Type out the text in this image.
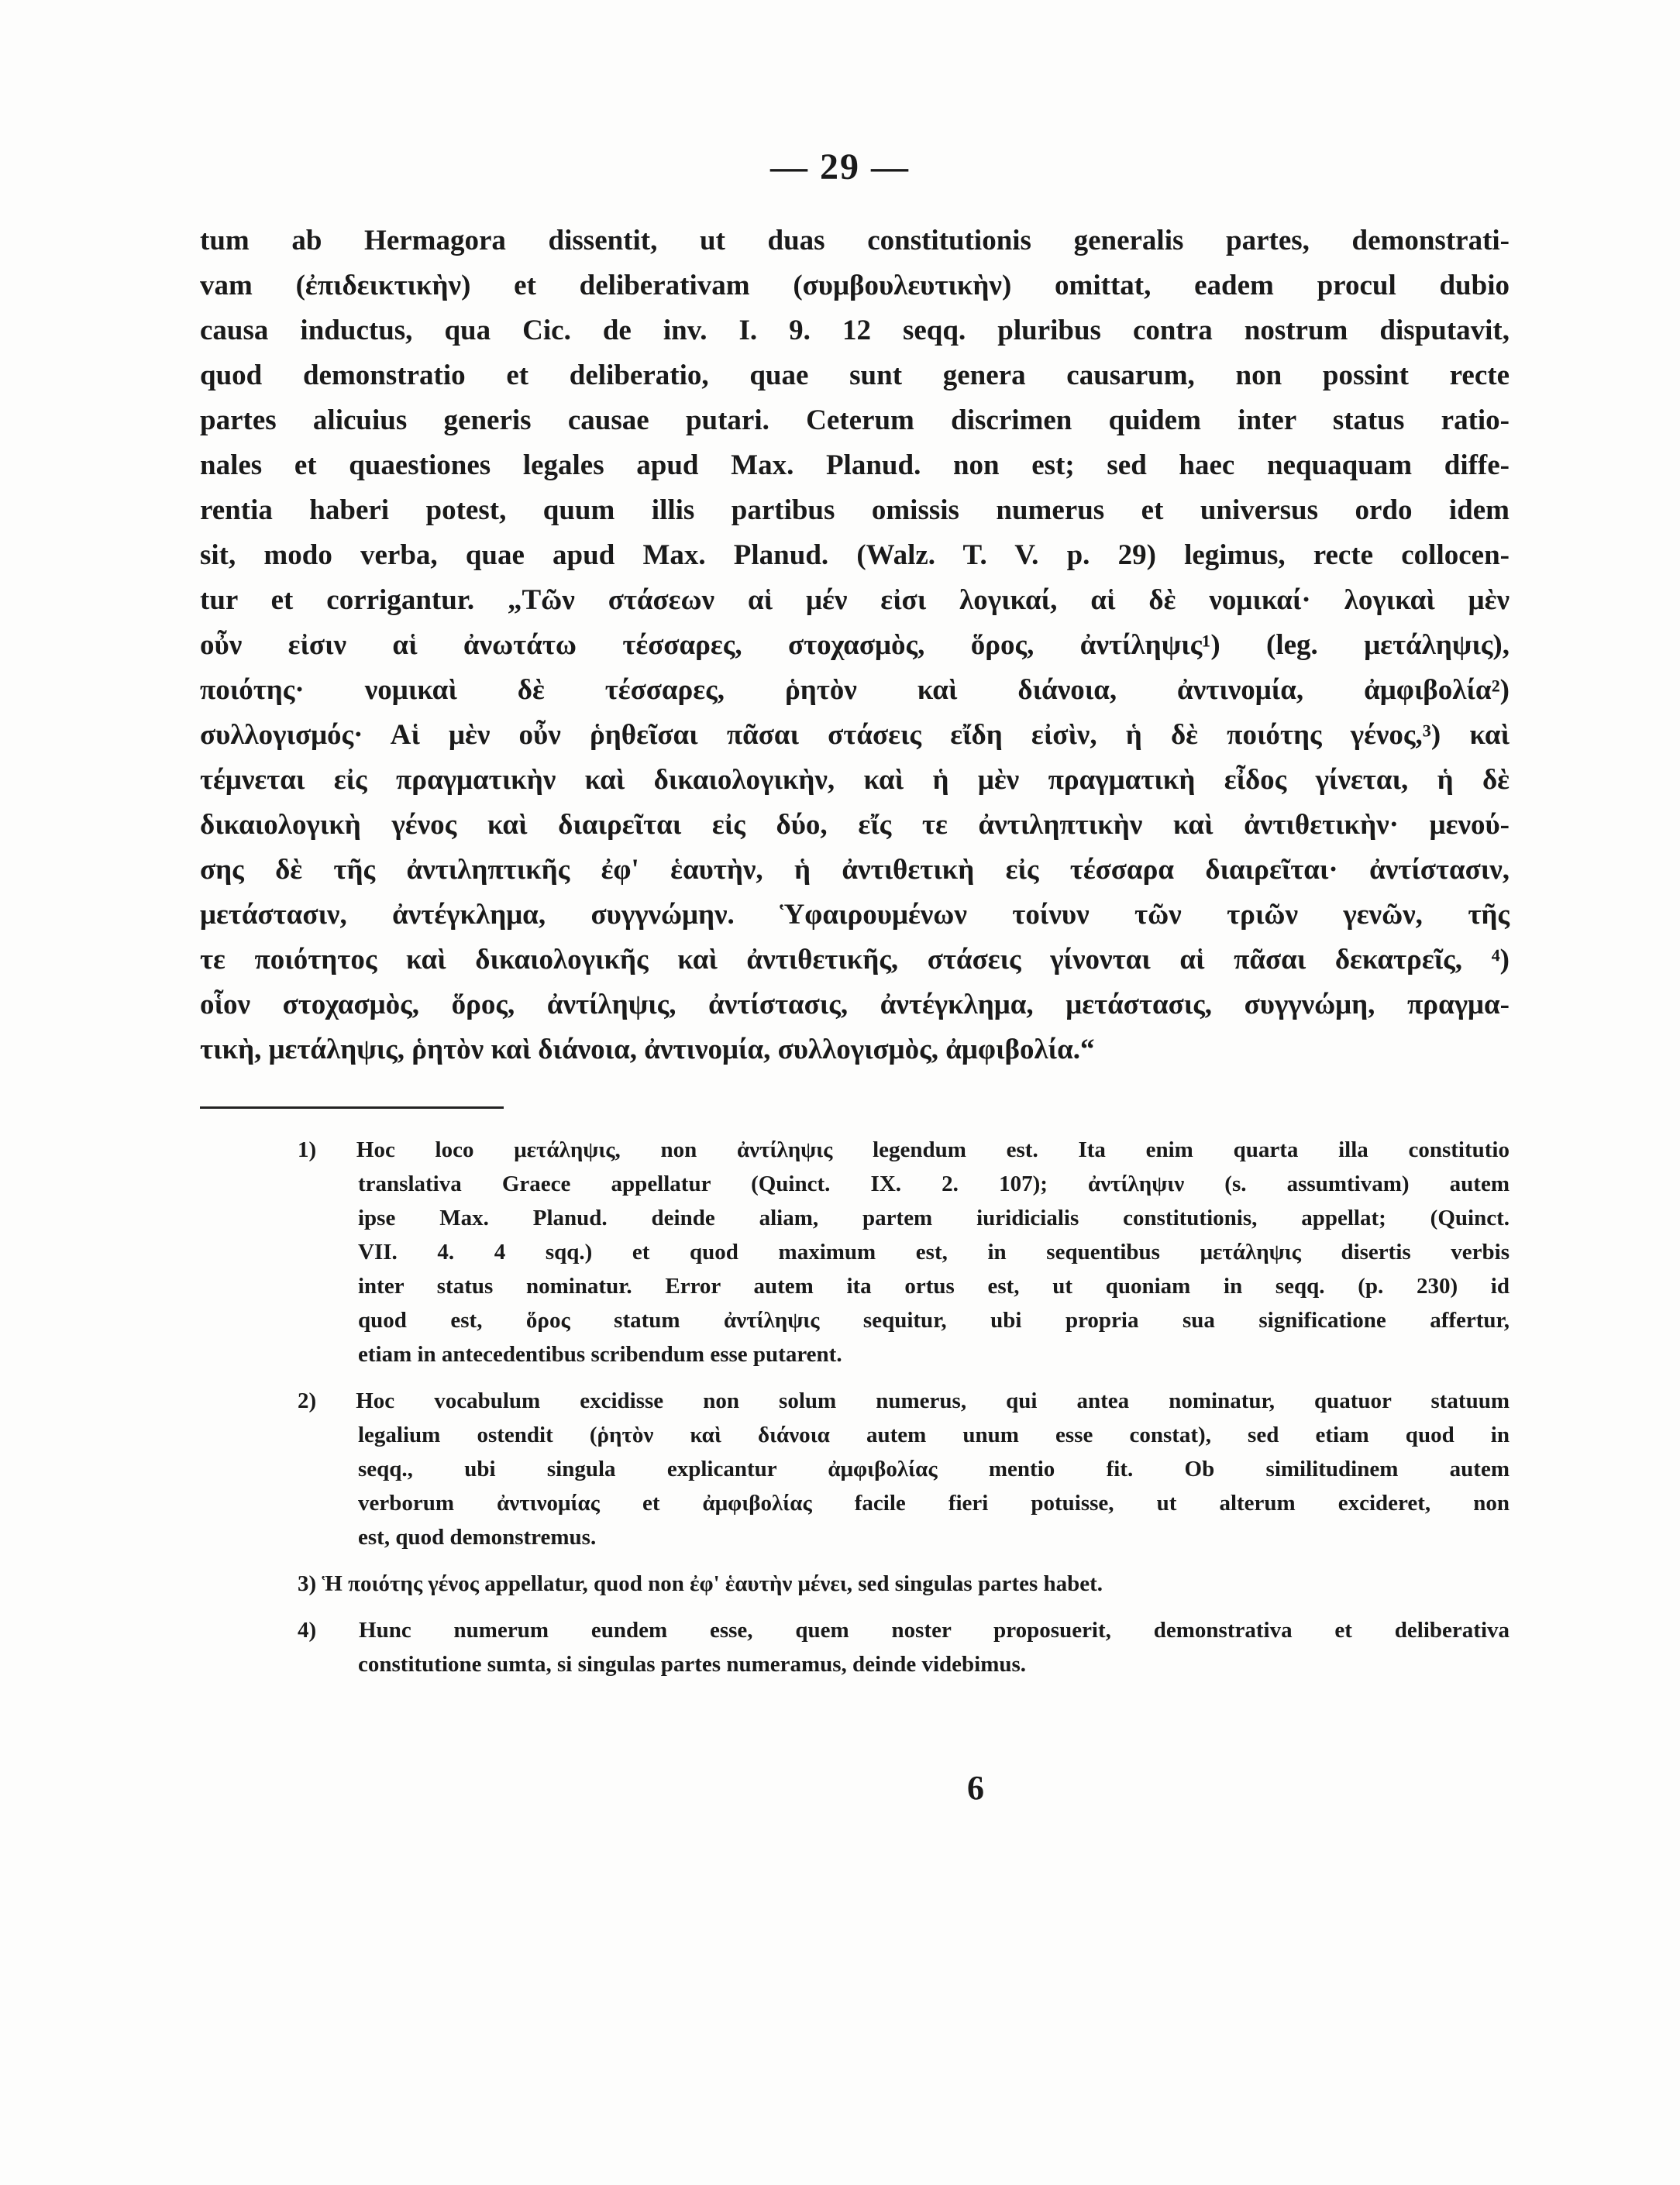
— 29 —
tum ab Hermagora dissentit, ut duas constitutionis generalis partes, demonstrati-
vam (ἐπιδεικτικὴν) et deliberativam (συμβουλευτικὴν) omittat, eadem procul dubio
causa inductus, qua Cic. de inv. I. 9. 12 seqq. pluribus contra nostrum disputavit,
quod demonstratio et deliberatio, quae sunt genera causarum, non possint recte
partes alicuius generis causae putari. Ceterum discrimen quidem inter status ratio-
nales et quaestiones legales apud Max. Planud. non est; sed haec nequaquam diffe-
rentia haberi potest, quum illis partibus omissis numerus et universus ordo idem
sit, modo verba, quae apud Max. Planud. (Walz. T. V. p. 29) legimus, recte collocen-
tur et corrigantur. „Τῶν στάσεων αἱ μέν εἰσι λογικαί, αἱ δὲ νομικαί· λογικαὶ μὲν
οὖν εἰσιν αἱ ἀνωτάτω τέσσαρες, στοχασμὸς, ὅρος, ἀντίληψις¹) (leg. μετάληψις),
ποιότης· νομικαὶ δὲ τέσσαρες, ῥητὸν καὶ διάνοια, ἀντινομία, ἀμφιβολία²)
συλλογισμός· Αἱ μὲν οὖν ῥηθεῖσαι πᾶσαι στάσεις εἴδη εἰσὶν, ἡ δὲ ποιότης γένος,³) καὶ
τέμνεται εἰς πραγματικὴν καὶ δικαιολογικὴν, καὶ ἡ μὲν πραγματικὴ εἶδος γίνεται, ἡ δὲ
δικαιολογικὴ γένος καὶ διαιρεῖται εἰς δύο, εἴς τε ἀντιληπτικὴν καὶ ἀντιθετικὴν· μενού-
σης δὲ τῆς ἀντιληπτικῆς ἐφ' ἑαυτὴν, ἡ ἀντιθετικὴ εἰς τέσσαρα διαιρεῖται· ἀντίστασιν,
μετάστασιν, ἀντέγκλημα, συγγνώμην. Ὑφαιρουμένων τοίνυν τῶν τριῶν γενῶν, τῆς
τε ποιότητος καὶ δικαιολογικῆς καὶ ἀντιθετικῆς, στάσεις γίνονται αἱ πᾶσαι δεκατρεῖς, ⁴)
οἷον στοχασμὸς, ὅρος, ἀντίληψις, ἀντίστασις, ἀντέγκλημα, μετάστασις, συγγνώμη, πραγμα-
τικὴ, μετάληψις, ῥητὸν καὶ διάνοια, ἀντινομία, συλλογισμὸς, ἀμφιβολία.“
1) Hoc loco μετάληψις, non ἀντίληψις legendum est. Ita enim quarta illa constitutio
translativa Graece appellatur (Quinct. IX. 2. 107); ἀντίληψιν (s. assumtivam) autem
ipse Max. Planud. deinde aliam, partem iuridicialis constitutionis, appellat; (Quinct.
VII. 4. 4 sqq.) et quod maximum est, in sequentibus μετάληψις disertis verbis
inter status nominatur. Error autem ita ortus est, ut quoniam in seqq. (p. 230) id
quod est, ὅρος statum ἀντίληψις sequitur, ubi propria sua significatione affertur,
etiam in antecedentibus scribendum esse putarent.
2) Hoc vocabulum excidisse non solum numerus, qui antea nominatur, quatuor statuum
legalium ostendit (ῥητὸν καὶ διάνοια autem unum esse constat), sed etiam quod in
seqq., ubi singula explicantur ἀμφιβολίας mentio fit. Ob similitudinem autem
verborum ἀντινομίας et ἀμφιβολίας facile fieri potuisse, ut alterum excideret, non
est, quod demonstremus.
3) Ἡ ποιότης γένος appellatur, quod non ἐφ' ἑαυτὴν μένει, sed singulas partes habet.
4) Hunc numerum eundem esse, quem noster proposuerit, demonstrativa et deliberativa
constitutione sumta, si singulas partes numeramus, deinde videbimus.
6
